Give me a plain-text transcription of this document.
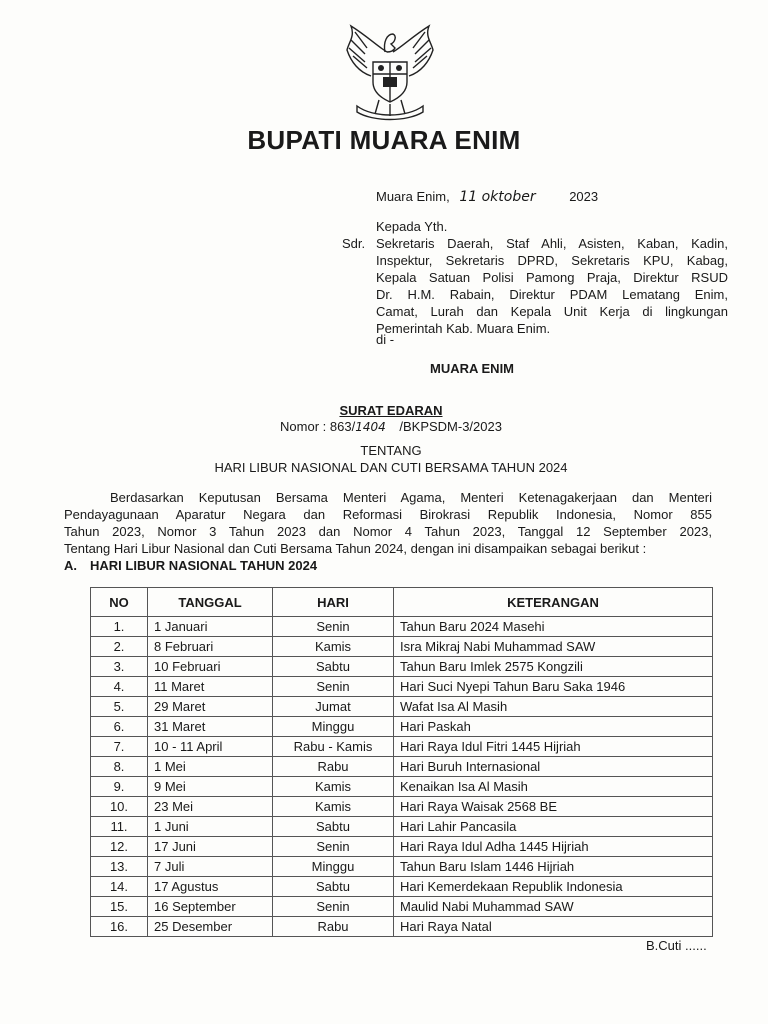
BUPATI MUARA ENIM
Muara Enim, 11 oktober	2023
Kepada Yth.
Sdr. Sekretaris Daerah, Staf Ahli, Asisten, Kaban, Kadin,
Inspektur, Sekretaris DPRD, Sekretaris KPU, Kabag,
Kepala Satuan Polisi Pamong Praja, Direktur RSUD
Dr. H.M. Rabain, Direktur PDAM Lematang Enim,
Camat, Lurah dan Kepala Unit Kerja di lingkungan
Pemerintah Kab. Muara Enim.
di -
MUARA ENIM
SURAT EDARAN
Nomor : 863/1404 /BKPSDM-3/2023
TENTANG
HARI LIBUR NASIONAL DAN CUTI BERSAMA TAHUN 2024
Berdasarkan Keputusan Bersama Menteri Agama, Menteri Ketenagakerjaan dan Menteri
Pendayagunaan Aparatur Negara dan Reformasi Birokrasi Republik Indonesia, Nomor 855
Tahun 2023, Nomor 3 Tahun 2023 dan Nomor 4 Tahun 2023, Tanggal 12 September 2023,
Tentang Hari Libur Nasional dan Cuti Bersama Tahun 2024, dengan ini disampaikan sebagai berikut :
A. HARI LIBUR NASIONAL TAHUN 2024
NO	TANGGAL	HARI	KETERANGAN
1.	1 Januari	Senin	Tahun Baru 2024 Masehi
2.	8 Februari	Kamis	Isra Mikraj Nabi Muhammad SAW
3.	10 Februari	Sabtu	Tahun Baru Imlek 2575 Kongzili
4.	11 Maret	Senin	Hari Suci Nyepi Tahun Baru Saka 1946
5.	29 Maret	Jumat	Wafat Isa Al Masih
6.	31 Maret	Minggu	Hari Paskah
7.	10 - 11 April	Rabu - Kamis	Hari Raya Idul Fitri 1445 Hijriah
8.	1 Mei	Rabu	Hari Buruh Internasional
9.	9 Mei	Kamis	Kenaikan Isa Al Masih
10.	23 Mei	Kamis	Hari Raya Waisak 2568 BE
11.	1 Juni	Sabtu	Hari Lahir Pancasila
12.	17 Juni	Senin	Hari Raya Idul Adha 1445 Hijriah
13.	7 Juli	Minggu	Tahun Baru Islam 1446 Hijriah
14.	17 Agustus	Sabtu	Hari Kemerdekaan Republik Indonesia
15.	16 September	Senin	Maulid Nabi Muhammad SAW
16.	25 Desember	Rabu	Hari Raya Natal
B.Cuti ......
